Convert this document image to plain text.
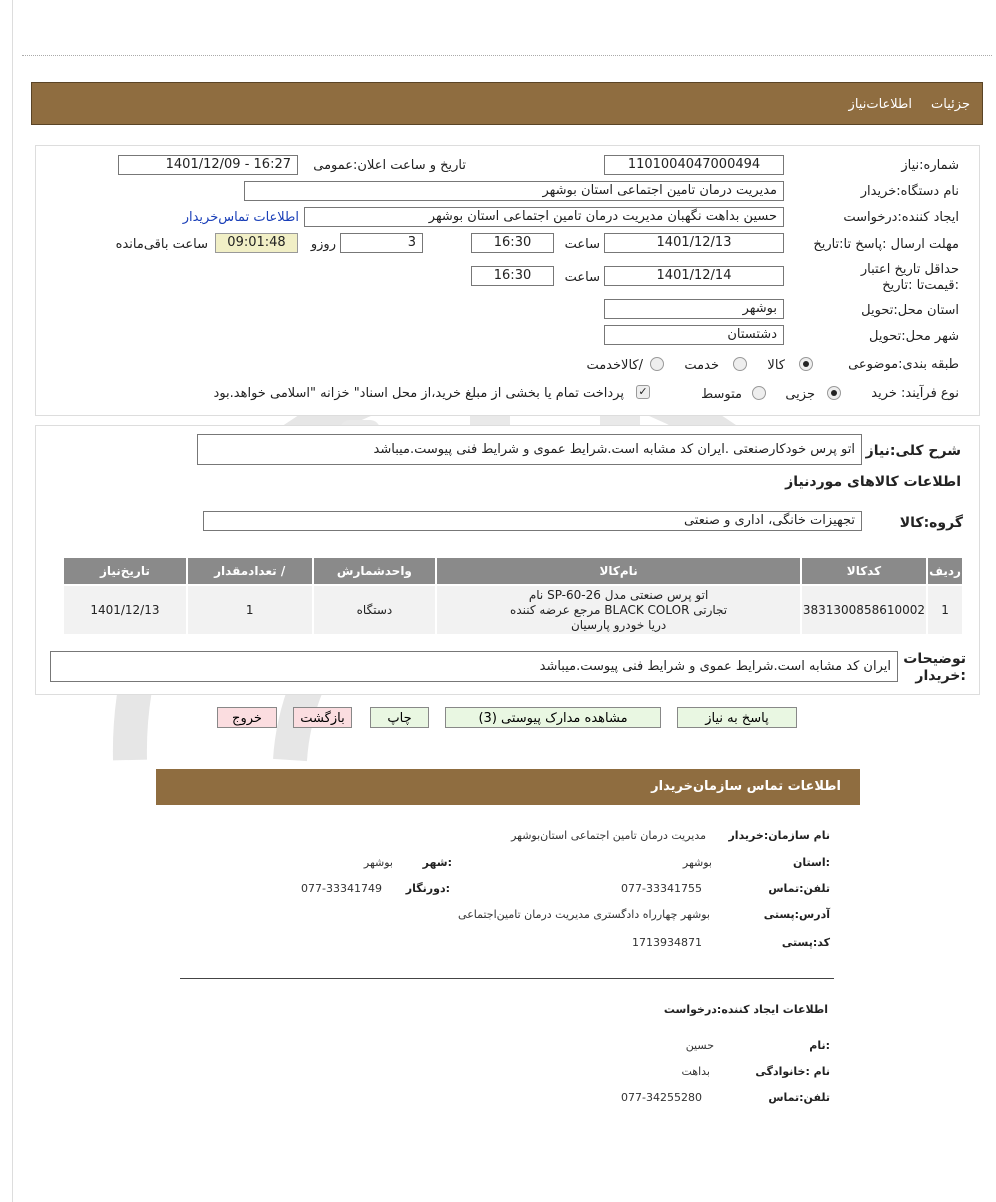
جزئیات
اطلاعات‌نیاز
شماره:نیاز
1101004047000494
تاریخ و ساعت اعلان:عمومی
1401/12/09 - 16:27
نام دستگاه:خریدار
مدیریت درمان تامین اجتماعی استان بوشهر
ایجاد کننده:درخواست
حسین بداهت نگهبان مدیریت درمان تامین اجتماعی استان بوشهر
اطلاعات تماس‌خریدار
مهلت ارسال :پاسخ تا:تاریخ
1401/12/13
ساعت
16:30
روزو	3
09:01:48
ساعت باقی‌مانده
حداقل تاریخ اعتبار :قیمت‌تا :تاریخ
1401/12/14
ساعت
16:30
استان محل:تحویل
بوشهر
شهر محل:تحویل
دشتستان
طبقه بندی:موضوعی
کالا
خدمت
/کالاخدمت
نوع فرآیند: خرید
جزیی
متوسط
✓
پرداخت تمام یا بخشی از مبلغ خرید،از محل اسناد" خزانه "اسلامی خواهد.بود
شرح کلی:نیاز
اتو پرس خودکارصنعتی .ایران کد مشابه است.شرایط عموی و شرایط فنی پیوست.میباشد
اطلاعات کالاهای موردنیاز
گروه:کالا
تجهیزات خانگی، اداری و صنعتی
ردیف	کدکالا	نام‌کالا	واحدشمارش	/ تعدادمقدار	تاریخ‌نیاز
1	3831300858610002	اتو پرس صنعتی مدل SP-60-26 نام
تجارتی BLACK COLOR مرجع عرضه کننده
دریا خودرو پارسیان	دستگاه	1	1401/12/13
توضیحات
:خریدار
ایران کد مشابه است.شرایط عموی و شرایط فنی پیوست.میباشد
پاسخ به نیاز
مشاهده مدارک پیوستی (3)
چاپ
بازگشت
خروج
اطلاعات تماس سازمان‌خریدار
نام سازمان:خریدار
مدیریت درمان تامین اجتماعی استان‌بوشهر
:استان
بوشهر
:شهر
بوشهر
تلفن:تماس
077-33341755
:دورنگار
077-33341749
آدرس:پستی
بوشهر چهارراه دادگستری مدیریت درمان تامین‌اجتماعی
کد:پستی
1713934871
اطلاعات ایجاد کننده:درخواست
:نام
حسین
نام :خانوادگی
بداهت
تلفن:تماس
077-34255280
